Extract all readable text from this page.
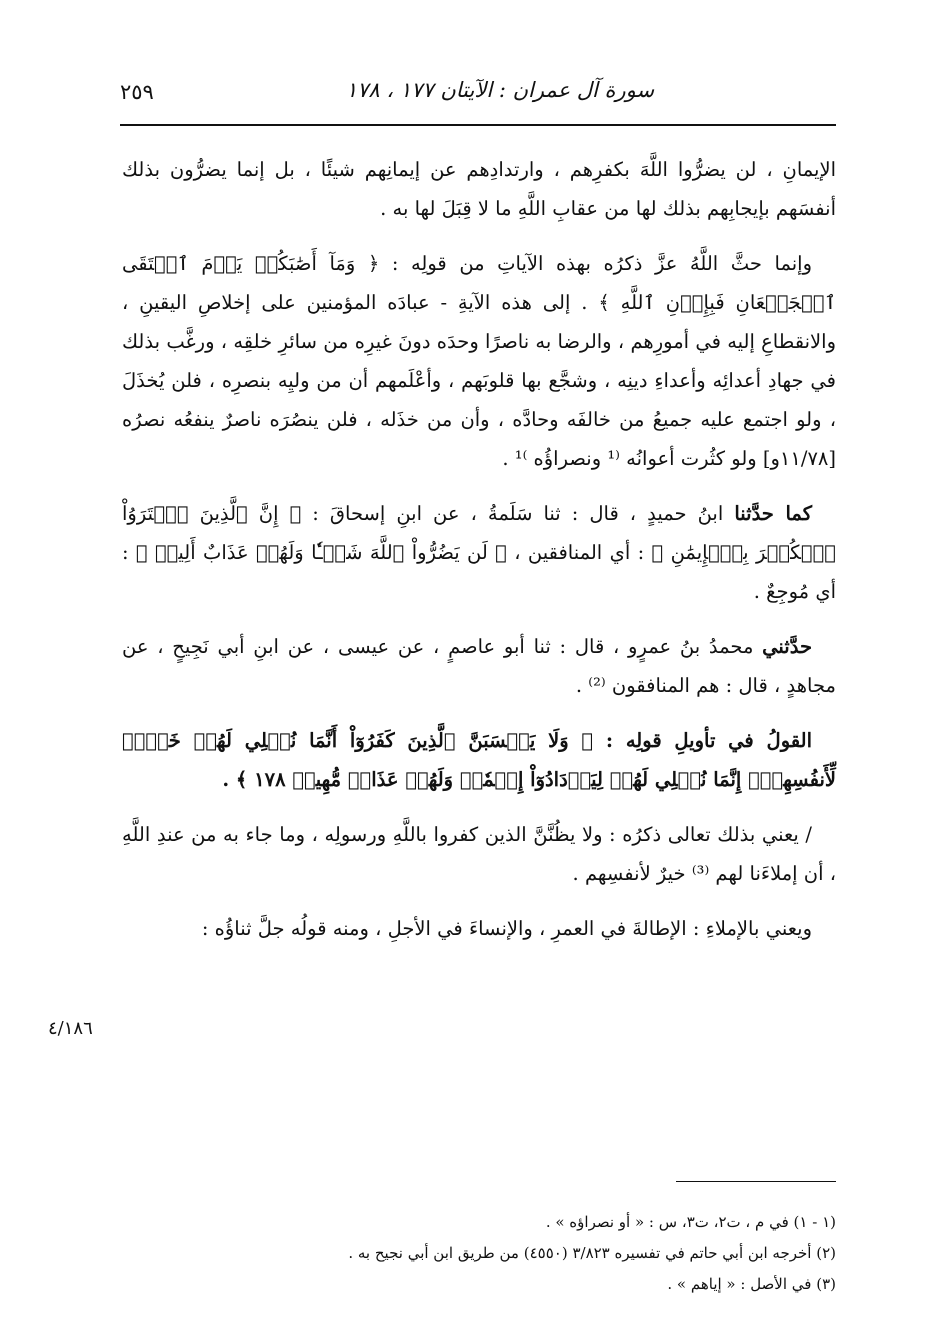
سورة آل عمران : الآيتان ١٧٧ ، ١٧٨
٢٥٩

الإيمانِ ، لن يضرُّوا اللَّهَ بكفرِهم ، وارتدادِهم عن إيمانِهم شيئًا ، بل إنما يضرُّون بذلك أنفسَهم بإيجابِهم بذلك لها من عقابِ اللَّهِ ما لا قِبَلَ لها به .

وإنما حثَّ اللَّهُ عزَّ ذكرُه بهذه الآياتِ من قولِه : ﴿ وَمَآ أَصَٰبَكُمۡ يَوۡمَ ٱلۡتَقَى ٱلۡجَمۡعَانِ فَبِإِذۡنِ ٱللَّهِ ﴾ . إلى هذه الآيةِ - عبادَه المؤمنين على إخلاصِ اليقينِ ، والانقطاعِ إليه في أمورِهم ، والرضا به ناصرًا وحدَه دونَ غيرِه من سائرِ خلقِه ، ورغَّب بذلك في جهادِ أعدائِه وأعداءِ دينِه ، وشجَّع بها قلوبَهم ، وأعْلَمهم أن من وليِه بنصرِه ، فلن يُخذَلَ ، ولو اجتمع عليه جميعُ من خالفَه وحادَّه ، وأن من خذَله ، فلن ينصُرَه ناصرٌ ينفعُه نصرُه [١١/٧٨و] ولو كثُرت أعوانُه ⁽¹ ونصراؤُه ⁾¹ .

كما حدَّثنا ابنُ حميدٍ ، قال : ثنا سَلَمةُ ، عن ابنِ إسحاقَ : ﴿ إِنَّ ٱلَّذِينَ ٱشۡتَرَوُاْ ٱلۡكُفۡرَ بِٱلۡإِيمَٰنِ ﴾ : أي المنافقين ، ﴿ لَن يَضُرُّواْ ٱللَّهَ شَيۡـٔٗا وَلَهُمۡ عَذَابٌ أَلِيمٞ ﴾ : أي مُوجِعٌ .

حدَّثني محمدُ بنُ عمرٍو ، قال : ثنا أبو عاصمٍ ، عن عيسى ، عن ابنِ أبي نَجِيحٍ ، عن مجاهدٍ ، قال : هم المنافقون ⁽²⁾ .

القولُ في تأويلِ قولِه : ﴿ وَلَا يَحۡسَبَنَّ ٱلَّذِينَ كَفَرُوٓاْ أَنَّمَا نُمۡلِي لَهُمۡ خَيۡرٞ لِّأَنفُسِهِمۡۚ إِنَّمَا نُمۡلِي لَهُمۡ لِيَزۡدَادُوٓاْ إِثۡمٗاۖ وَلَهُمۡ عَذَابٞ مُّهِينٞ ١٧٨ ﴾ .

/ يعني بذلك تعالى ذكرُه : ولا يظُنَّنَّ الذين كفروا باللَّهِ ورسولِه ، وما جاء به من عندِ اللَّهِ ، أن إملاءَنا لهم ⁽³⁾ خيرٌ لأنفسِهم .

ويعني بالإملاءِ : الإطالةَ في العمرِ ، والإنساءَ في الأجلِ ، ومنه قولُه جلَّ ثناؤُه :

٤/١٨٦

(١ - ١) في م ، ت٢، ت٣، س : « أو نصراؤه » .

(٢) أخرجه ابن أبي حاتم في تفسيره ٣/٨٢٣ (٤٥٥٠) من طريق ابن أبي نجيح به .

(٣) في الأصل : « إياهم » .
